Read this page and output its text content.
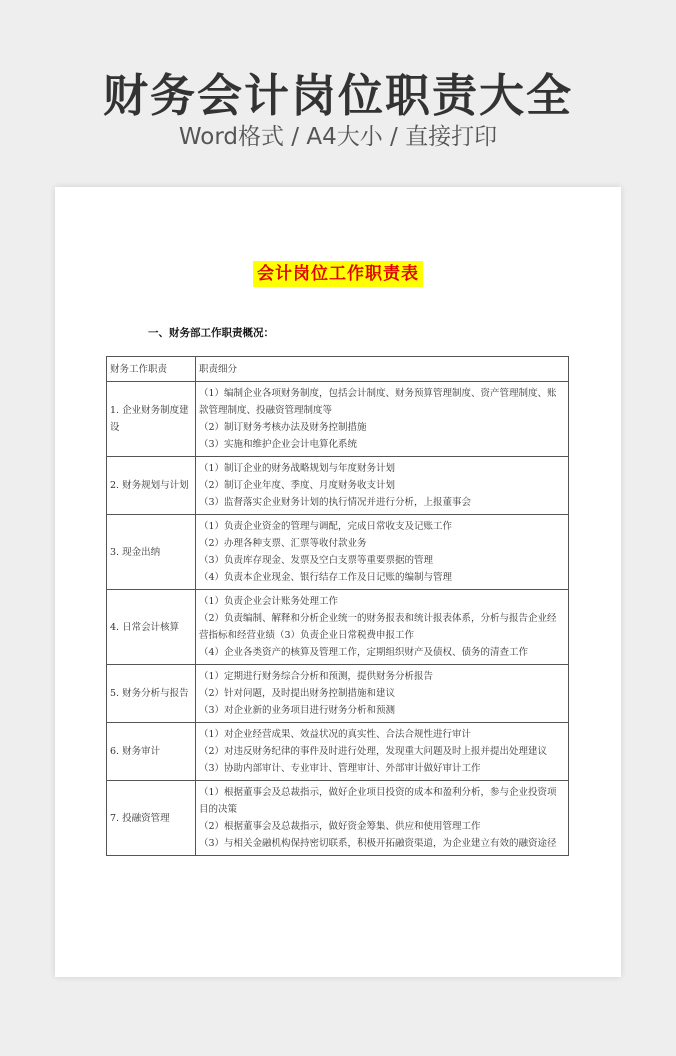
财务会计岗位职责大全
Word格式 / A4大小 / 直接打印
会计岗位工作职责表
一、财务部工作职责概况：
财务工作职责	职责细分
1. 企业财务制度建设	（1）编制企业各项财务制度，包括会计制度、财务预算管理制度、资产管理制度、账款管理制度、投融资管理制度等
（2）制订财务考核办法及财务控制措施
（3）实施和维护企业会计电算化系统

2. 财务规划与计划	（1）制订企业的财务战略规划与年度财务计划
（2）制订企业年度、季度、月度财务收支计划
（3）监督落实企业财务计划的执行情况并进行分析，上报董事会

3. 现金出纳	（1）负责企业资金的管理与调配，完成日常收支及记账工作
（2）办理各种支票、汇票等收付款业务
（3）负责库存现金、发票及空白支票等重要票据的管理
（4）负责本企业现金、银行结存工作及日记账的编制与管理

4. 日常会计核算	（1）负责企业会计账务处理工作
（2）负责编制、解释和分析企业统一的财务报表和统计报表体系，分析与报告企业经营指标和经营业绩（3）负责企业日常税费申报工作
（4）企业各类资产的核算及管理工作，定期组织财产及债权、债务的清查工作

5. 财务分析与报告	（1）定期进行财务综合分析和预测，提供财务分析报告
（2）针对问题，及时提出财务控制措施和建议
（3）对企业新的业务项目进行财务分析和预测

6. 财务审计	（1）对企业经营成果、效益状况的真实性、合法合规性进行审计
（2）对违反财务纪律的事件及时进行处理，发现重大问题及时上报并提出处理建议
（3）协助内部审计、专业审计、管理审计、外部审计做好审计工作

7. 投融资管理	（1）根据董事会及总裁指示，做好企业项目投资的成本和盈利分析，参与企业投资项目的决策
（2）根据董事会及总裁指示，做好资金筹集、供应和使用管理工作
（3）与相关金融机构保持密切联系，积极开拓融资渠道，为企业建立有效的融资途径
